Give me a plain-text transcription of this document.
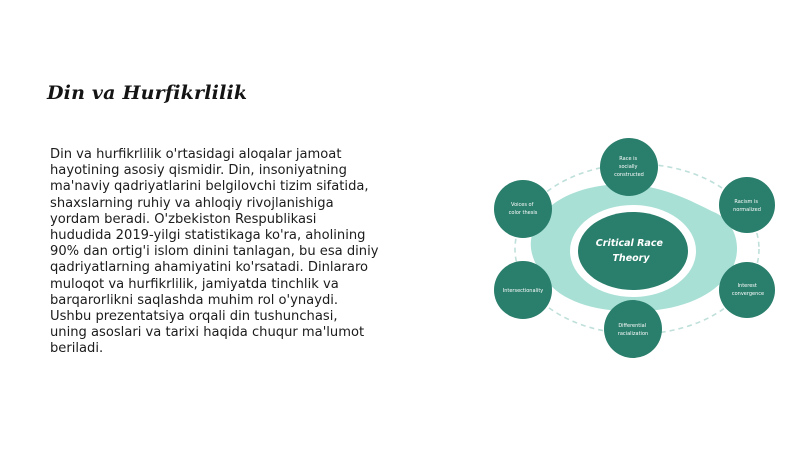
Din va Hurfikrlilik

Din va hurfikrlilik o'rtasidagi aloqalar jamoat

hayotining asosiy qismidir. Din, insoniyatning

ma'naviy qadriyatlarini belgilovchi tizim sifatida,

shaxslarning ruhiy va ahloqiy rivojlanishiga

yordam beradi. O'zbekiston Respublikasi

hududida 2019-yilgi statistikaga ko'ra, aholining

90% dan ortig'i islom dinini tanlagan, bu esa diniy

qadriyatlarning ahamiyatini ko'rsatadi. Dinlararo

muloqot va hurfikrlilik, jamiyatda tinchlik va

barqarorlikni saqlashda muhim rol o'ynaydi.

Ushbu prezentatsiya orqali din tushunchasi,

uning asoslari va tarixi haqida chuqur ma'lumot

beriladi.

Critical Race Theory
Race is socially constructed
Racism is normalized
Interest convergence
Differential racialization
Intersectionality
Voices of color thesis
